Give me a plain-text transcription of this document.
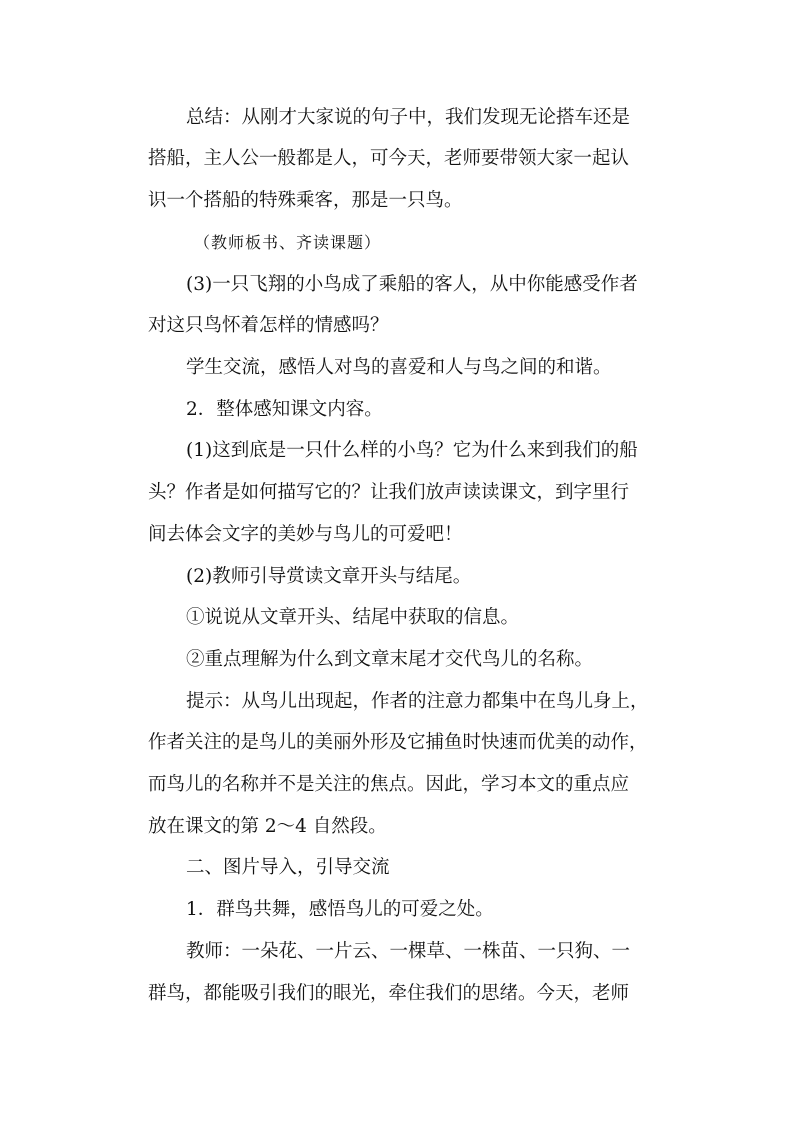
总结：从刚才大家说的句子中，我们发现无论搭车还是
搭船，主人公一般都是人，可今天，老师要带领大家一起认
识一个搭船的特殊乘客，那是一只鸟。
（教师板书、齐读课题）
(3)一只飞翔的小鸟成了乘船的客人，从中你能感受作者
对这只鸟怀着怎样的情感吗？
学生交流，感悟人对鸟的喜爱和人与鸟之间的和谐。
2．整体感知课文内容。
(1)这到底是一只什么样的小鸟？它为什么来到我们的船
头？作者是如何描写它的？让我们放声读读课文，到字里行
间去体会文字的美妙与鸟儿的可爱吧！
(2)教师引导赏读文章开头与结尾。
①说说从文章开头、结尾中获取的信息。
②重点理解为什么到文章末尾才交代鸟儿的名称。
提示：从鸟儿出现起，作者的注意力都集中在鸟儿身上，
作者关注的是鸟儿的美丽外形及它捕鱼时快速而优美的动作，
而鸟儿的名称并不是关注的焦点。因此，学习本文的重点应
放在课文的第 2～4 自然段。
二、图片导入，引导交流
1．群鸟共舞，感悟鸟儿的可爱之处。
教师：一朵花、一片云、一棵草、一株苗、一只狗、一
群鸟，都能吸引我们的眼光，牵住我们的思绪。今天，老师
